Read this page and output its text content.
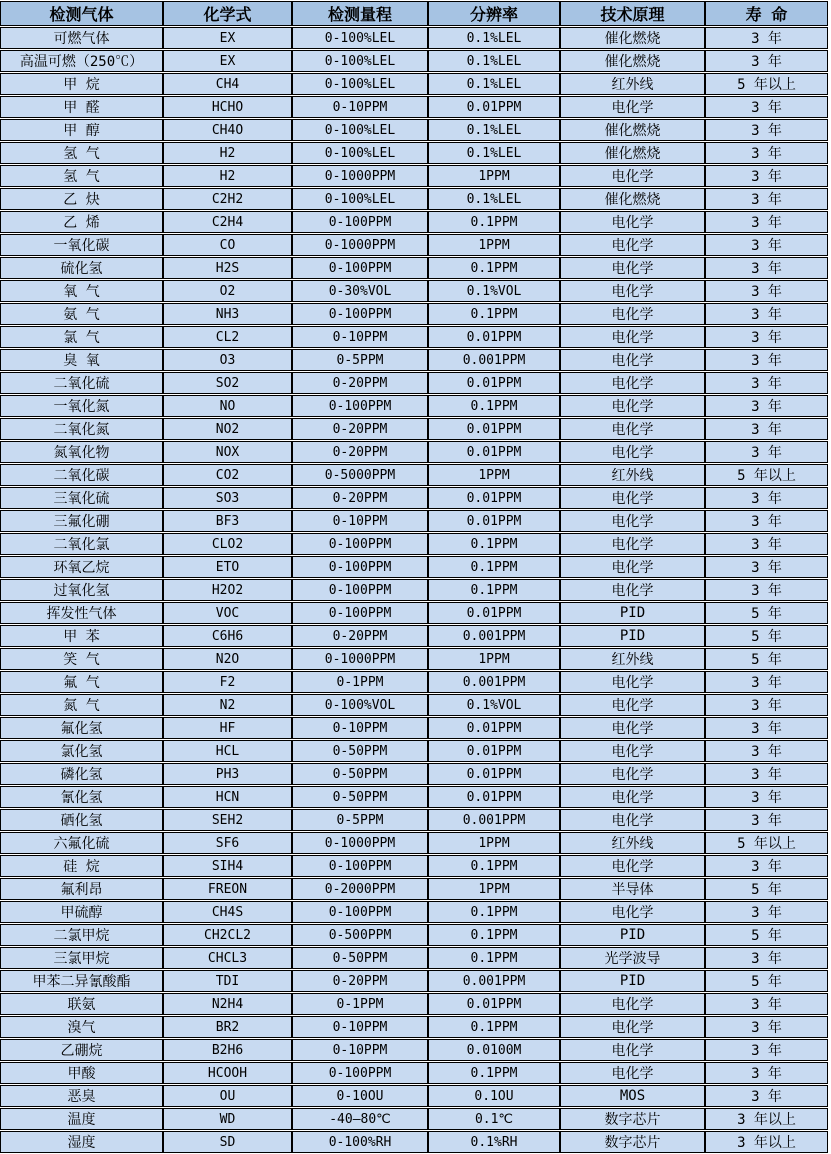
检测气体	化学式	检测量程	分辨率	技术原理	寿 命
可燃气体	EX	0-100%LEL	0.1%LEL	催化燃烧	3 年
高温可燃（250℃）	EX	0-100%LEL	0.1%LEL	催化燃烧	3 年
甲 烷	CH4	0-100%LEL	0.1%LEL	红外线	5 年以上
甲 醛	HCHO	0-10PPM	0.01PPM	电化学	3 年
甲 醇	CH4O	0-100%LEL	0.1%LEL	催化燃烧	3 年
氢 气	H2	0-100%LEL	0.1%LEL	催化燃烧	3 年
氢 气	H2	0-1000PPM	1PPM	电化学	3 年
乙 炔	C2H2	0-100%LEL	0.1%LEL	催化燃烧	3 年
乙 烯	C2H4	0-100PPM	0.1PPM	电化学	3 年
一氧化碳	CO	0-1000PPM	1PPM	电化学	3 年
硫化氢	H2S	0-100PPM	0.1PPM	电化学	3 年
氧 气	O2	0-30%VOL	0.1%VOL	电化学	3 年
氨 气	NH3	0-100PPM	0.1PPM	电化学	3 年
氯 气	CL2	0-10PPM	0.01PPM	电化学	3 年
臭 氧	O3	0-5PPM	0.001PPM	电化学	3 年
二氧化硫	SO2	0-20PPM	0.01PPM	电化学	3 年
一氧化氮	NO	0-100PPM	0.1PPM	电化学	3 年
二氧化氮	NO2	0-20PPM	0.01PPM	电化学	3 年
氮氧化物	NOX	0-20PPM	0.01PPM	电化学	3 年
二氧化碳	CO2	0-5000PPM	1PPM	红外线	5 年以上
三氧化硫	SO3	0-20PPM	0.01PPM	电化学	3 年
三氟化硼	BF3	0-10PPM	0.01PPM	电化学	3 年
二氧化氯	CLO2	0-100PPM	0.1PPM	电化学	3 年
环氧乙烷	ETO	0-100PPM	0.1PPM	电化学	3 年
过氧化氢	H2O2	0-100PPM	0.1PPM	电化学	3 年
挥发性气体	VOC	0-100PPM	0.01PPM	PID	5 年
甲 苯	C6H6	0-20PPM	0.001PPM	PID	5 年
笑 气	N2O	0-1000PPM	1PPM	红外线	5 年
氟 气	F2	0-1PPM	0.001PPM	电化学	3 年
氮 气	N2	0-100%VOL	0.1%VOL	电化学	3 年
氟化氢	HF	0-10PPM	0.01PPM	电化学	3 年
氯化氢	HCL	0-50PPM	0.01PPM	电化学	3 年
磷化氢	PH3	0-50PPM	0.01PPM	电化学	3 年
氰化氢	HCN	0-50PPM	0.01PPM	电化学	3 年
硒化氢	SEH2	0-5PPM	0.001PPM	电化学	3 年
六氟化硫	SF6	0-1000PPM	1PPM	红外线	5 年以上
硅 烷	SIH4	0-100PPM	0.1PPM	电化学	3 年
氟利昂	FREON	0-2000PPM	1PPM	半导体	5 年
甲硫醇	CH4S	0-100PPM	0.1PPM	电化学	3 年
二氯甲烷	CH2CL2	0-500PPM	0.1PPM	PID	5 年
三氯甲烷	CHCL3	0-50PPM	0.1PPM	光学波导	3 年
甲苯二异氰酸酯	TDI	0-20PPM	0.001PPM	PID	5 年
联氨	N2H4	0-1PPM	0.01PPM	电化学	3 年
溴气	BR2	0-10PPM	0.1PPM	电化学	3 年
乙硼烷	B2H6	0-10PPM	0.0100M	电化学	3 年
甲酸	HCOOH	0-100PPM	0.1PPM	电化学	3 年
恶臭	OU	0-10OU	0.1OU	MOS	3 年
温度	WD	-40—80℃	0.1℃	数字芯片	3 年以上
湿度	SD	0-100%RH	0.1%RH	数字芯片	3 年以上
